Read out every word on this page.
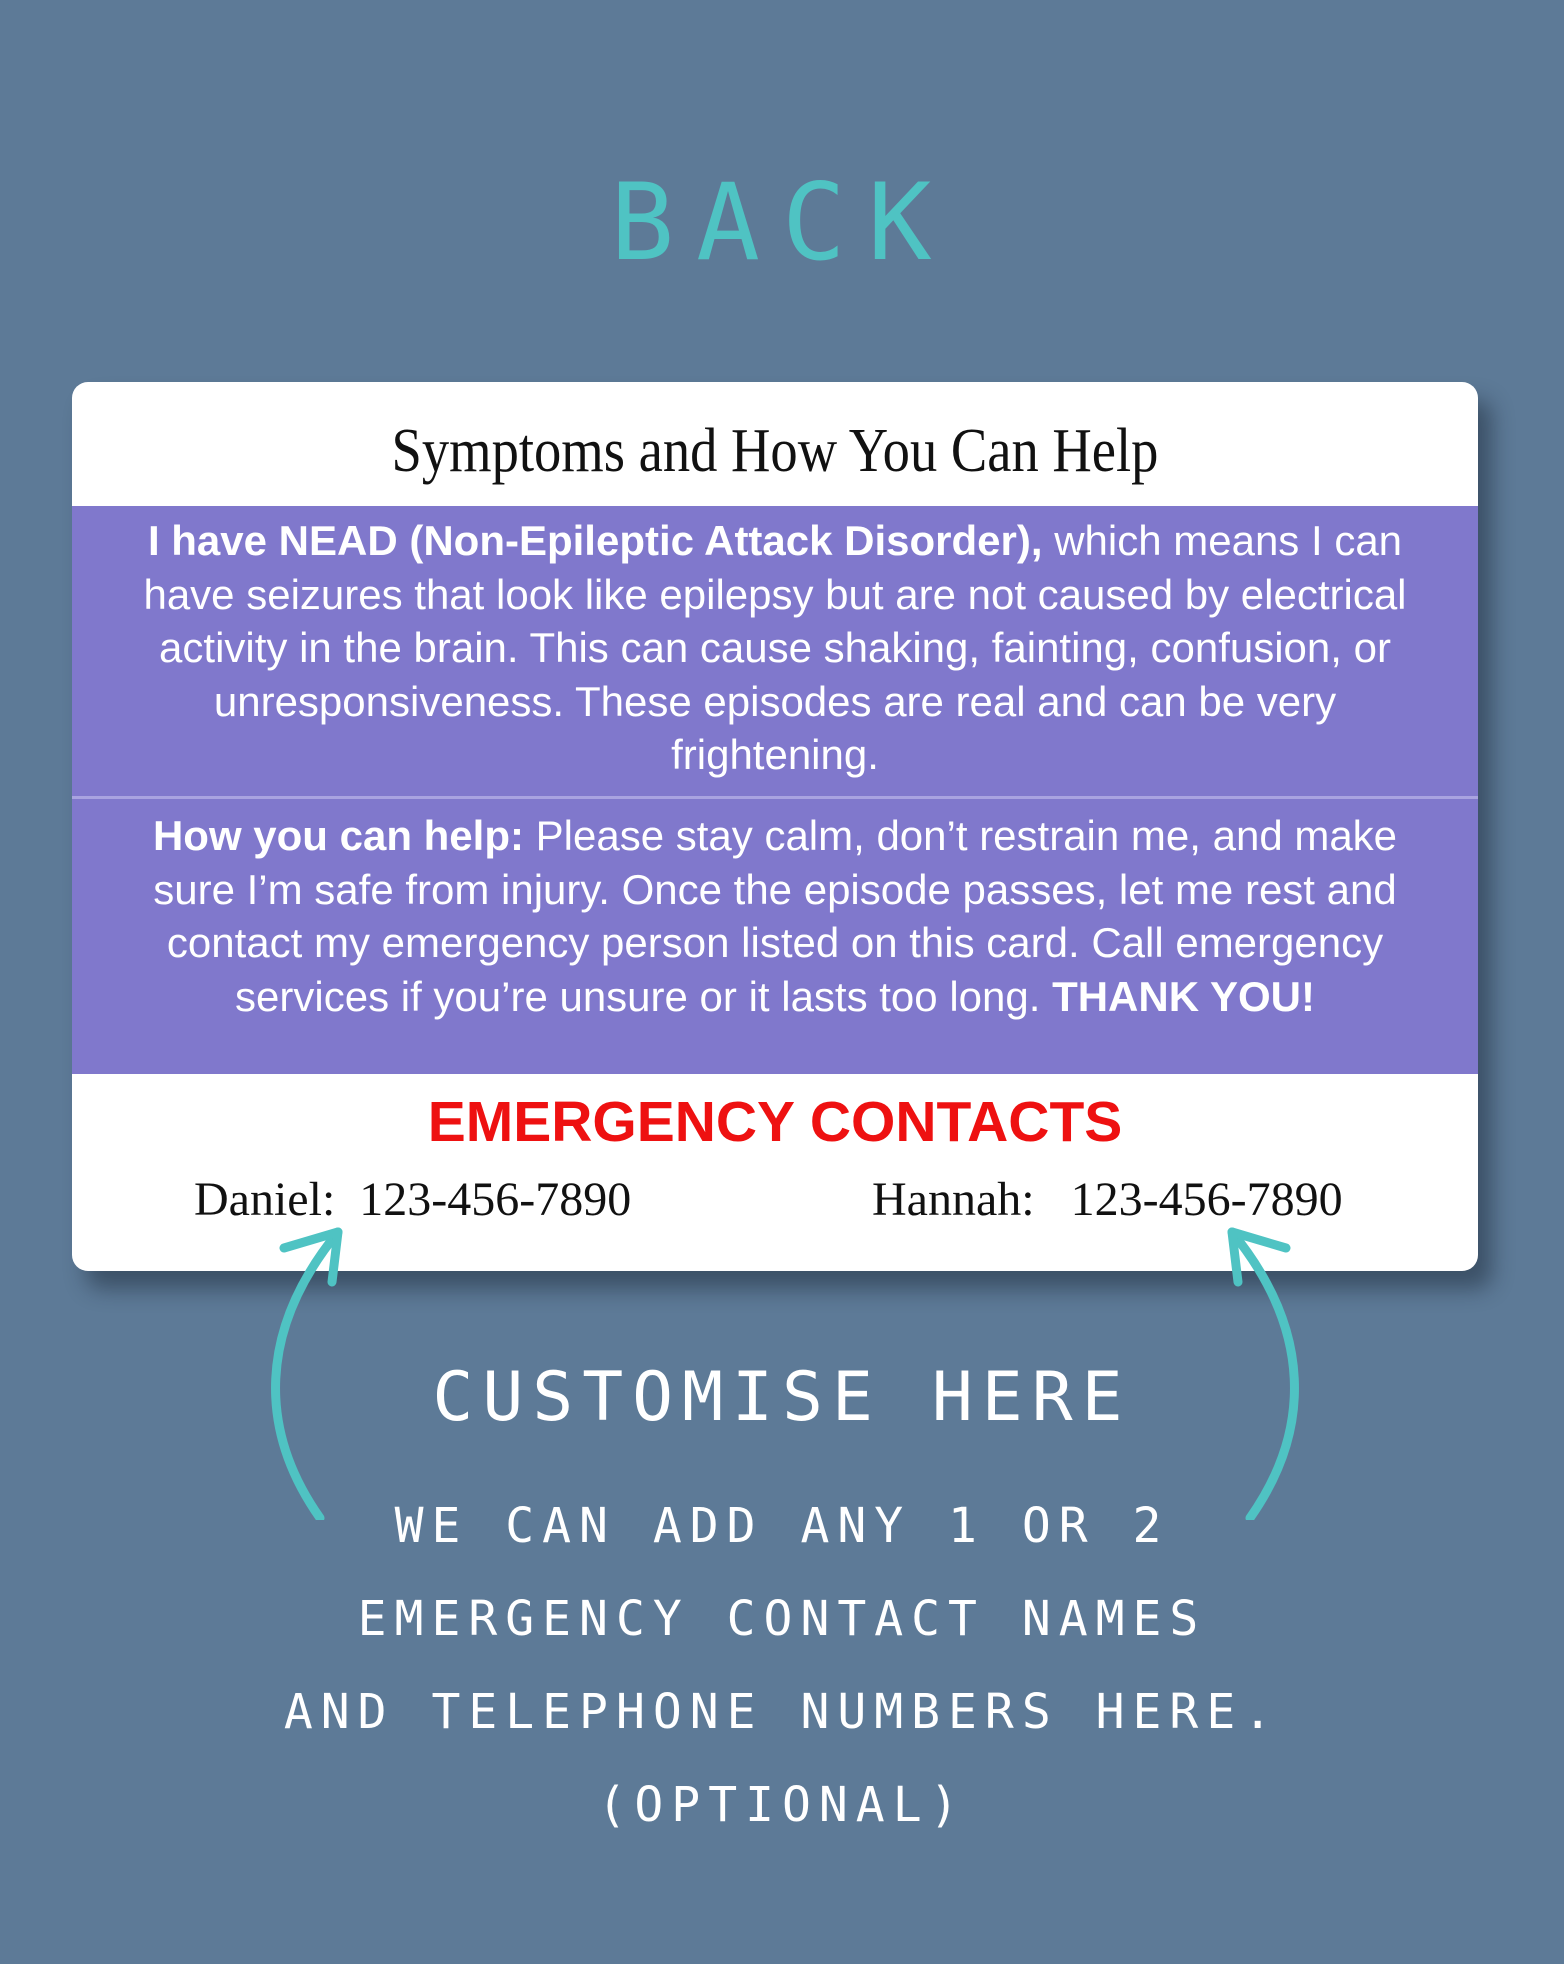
BACK
Symptoms and How You Can Help
I have NEAD (Non-Epileptic Attack Disorder), which means I can have seizures that look like epilepsy but are not caused by electrical activity in the brain. This can cause shaking, fainting, confusion, or unresponsiveness. These episodes are real and can be very frightening.
How you can help: Please stay calm, don’t restrain me, and make sure I’m safe from injury. Once the episode passes, let me rest and contact my emergency person listed on this card. Call emergency services if you’re unsure or it lasts too long. THANK YOU!
EMERGENCY CONTACTS
Daniel:  123-456-7890	Hannah:   123-456-7890
CUSTOMISE HERE
WE CAN ADD ANY 1 OR 2
EMERGENCY CONTACT NAMES
AND TELEPHONE NUMBERS HERE.
(OPTIONAL)
